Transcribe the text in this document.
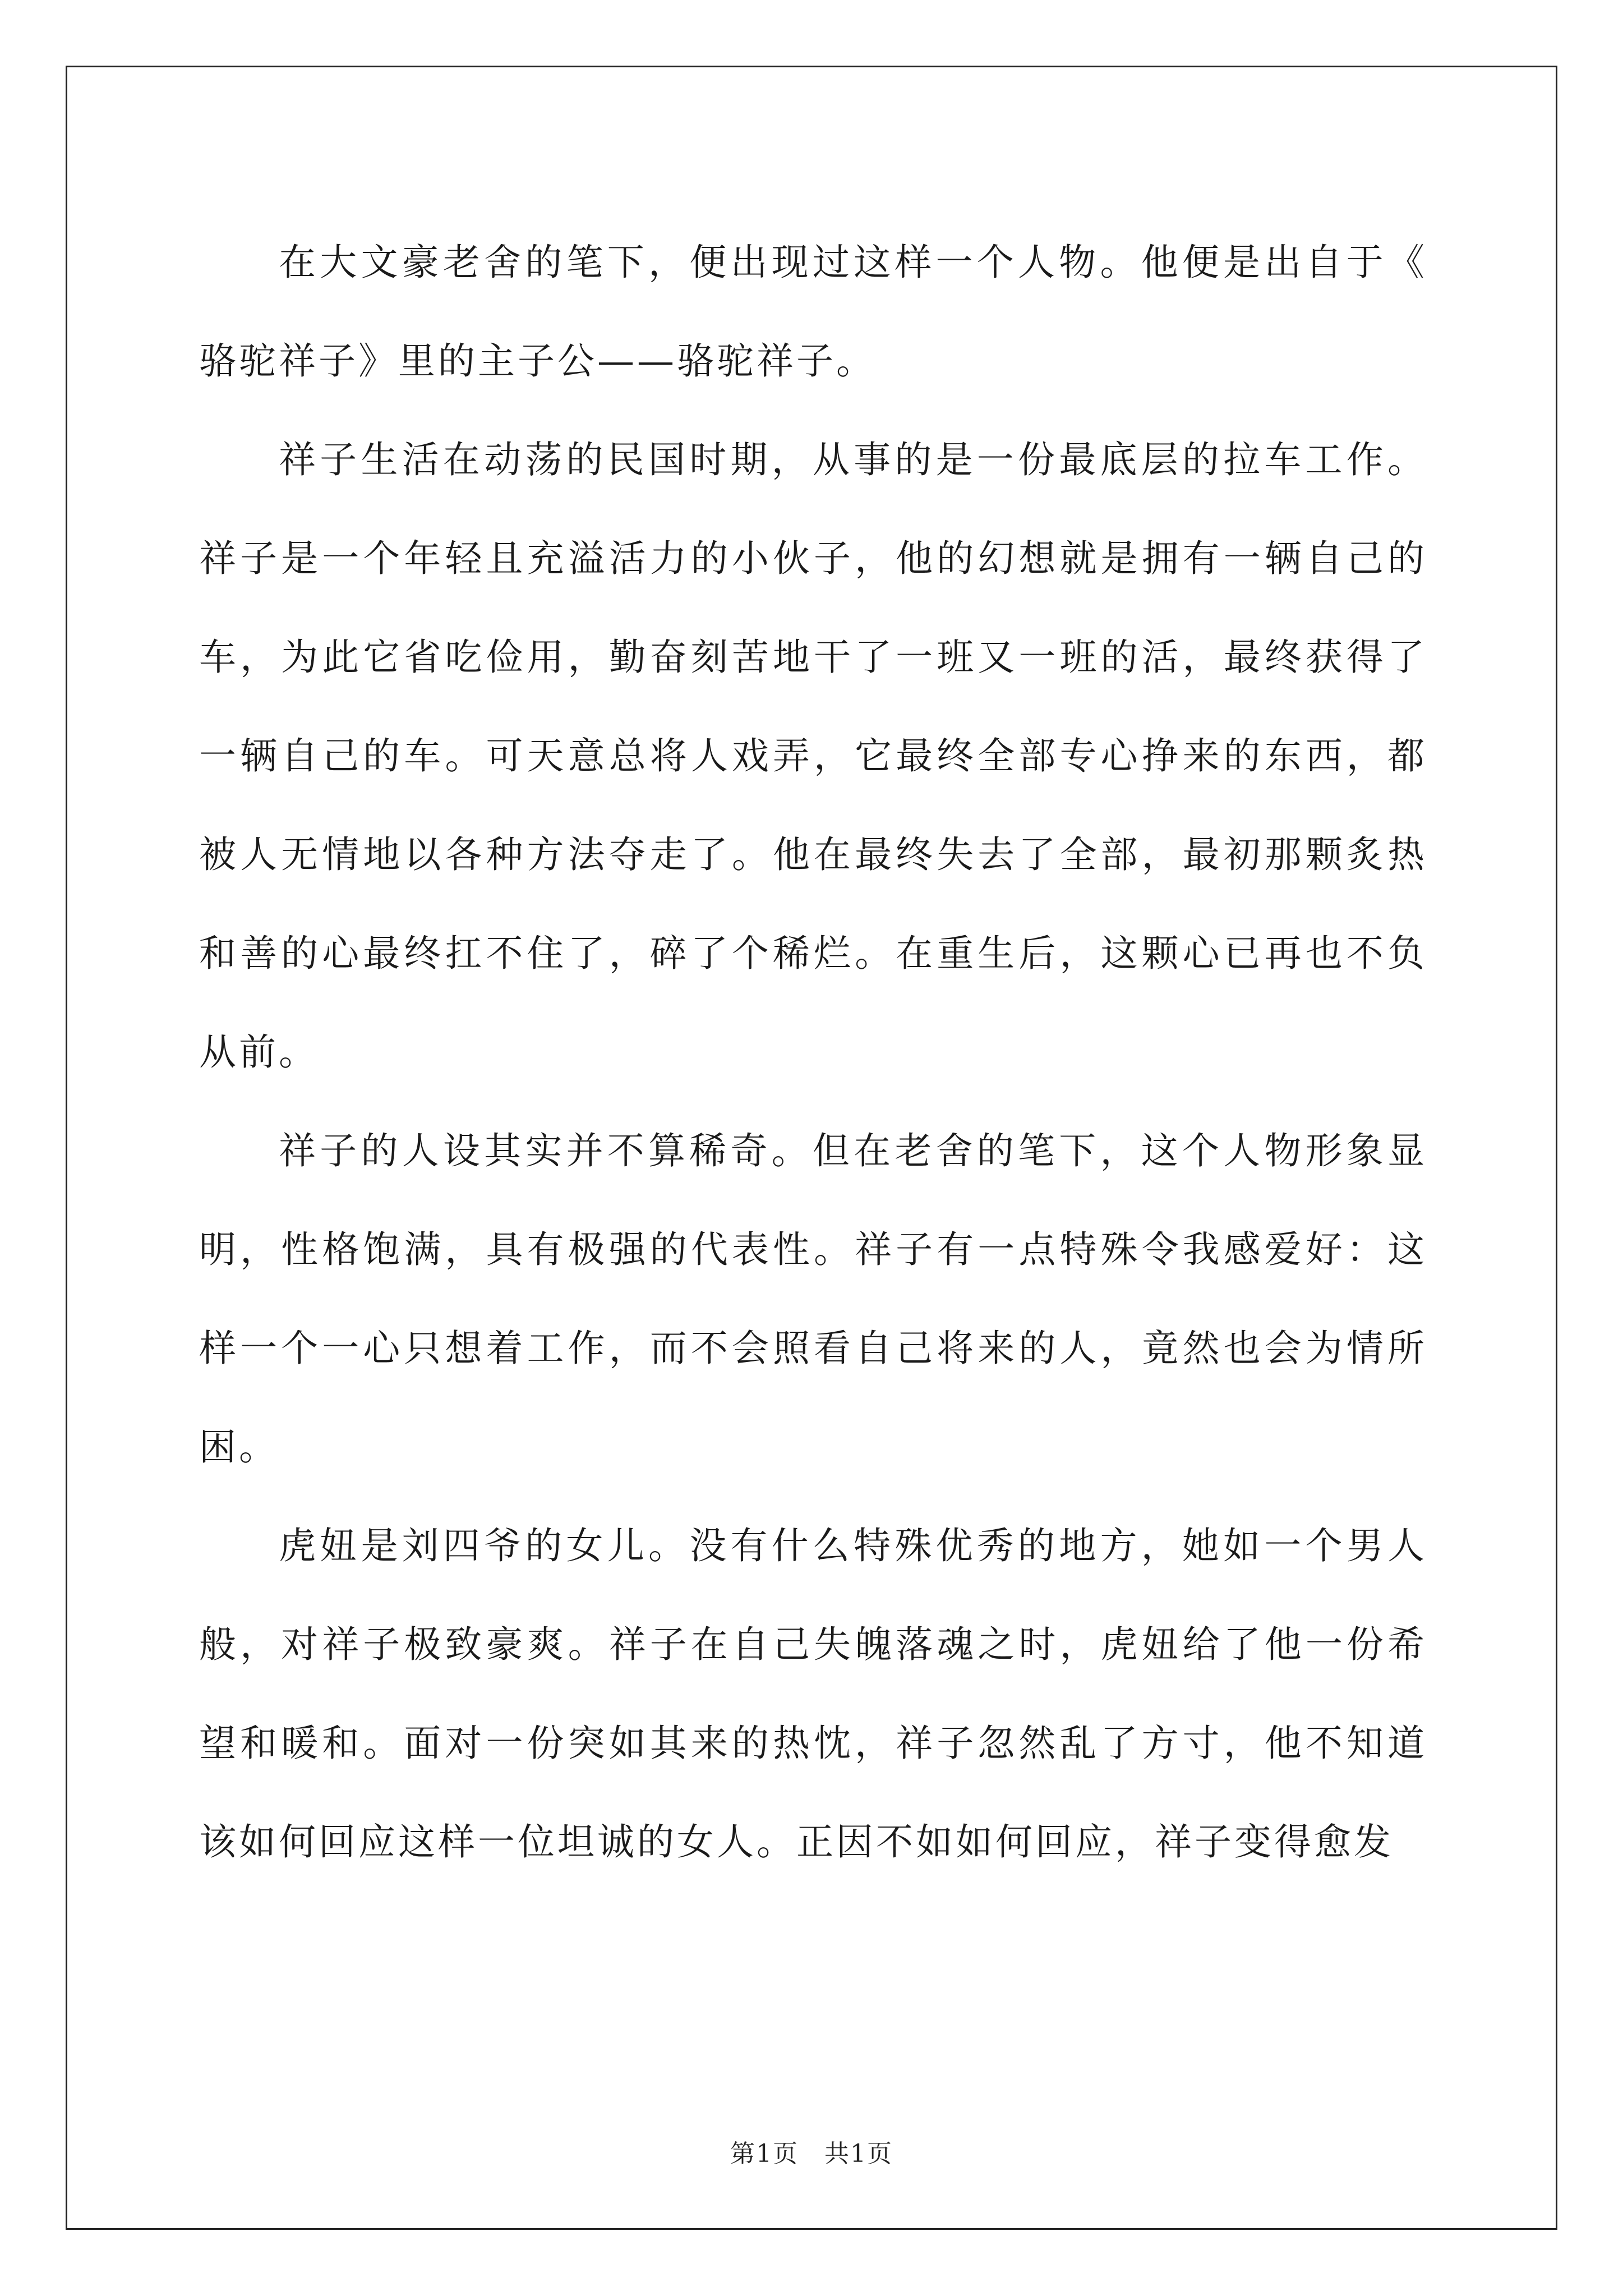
在大文豪老舍的笔下，便出现过这样一个人物。他便是出自于《骆驼祥子》里的主子公——骆驼祥子。

祥子生活在动荡的民国时期，从事的是一份最底层的拉车工作。祥子是一个年轻且充溢活力的小伙子，他的幻想就是拥有一辆自己的车，为此它省吃俭用，勤奋刻苦地干了一班又一班的活，最终获得了一辆自己的车。可天意总将人戏弄，它最终全部专心挣来的东西，都被人无情地以各种方法夺走了。他在最终失去了全部，最初那颗炙热和善的心最终扛不住了，碎了个稀烂。在重生后，这颗心已再也不负从前。

祥子的人设其实并不算稀奇。但在老舍的笔下，这个人物形象显明，性格饱满，具有极强的代表性。祥子有一点特殊令我感爱好：这样一个一心只想着工作，而不会照看自己将来的人，竟然也会为情所困。

虎妞是刘四爷的女儿。没有什么特殊优秀的地方，她如一个男人般，对祥子极致豪爽。祥子在自己失魄落魂之时，虎妞给了他一份希望和暖和。面对一份突如其来的热忱，祥子忽然乱了方寸，他不知道该如何回应这样一位坦诚的女人。正因不如如何回应，祥子变得愈发

第1页　共1页
